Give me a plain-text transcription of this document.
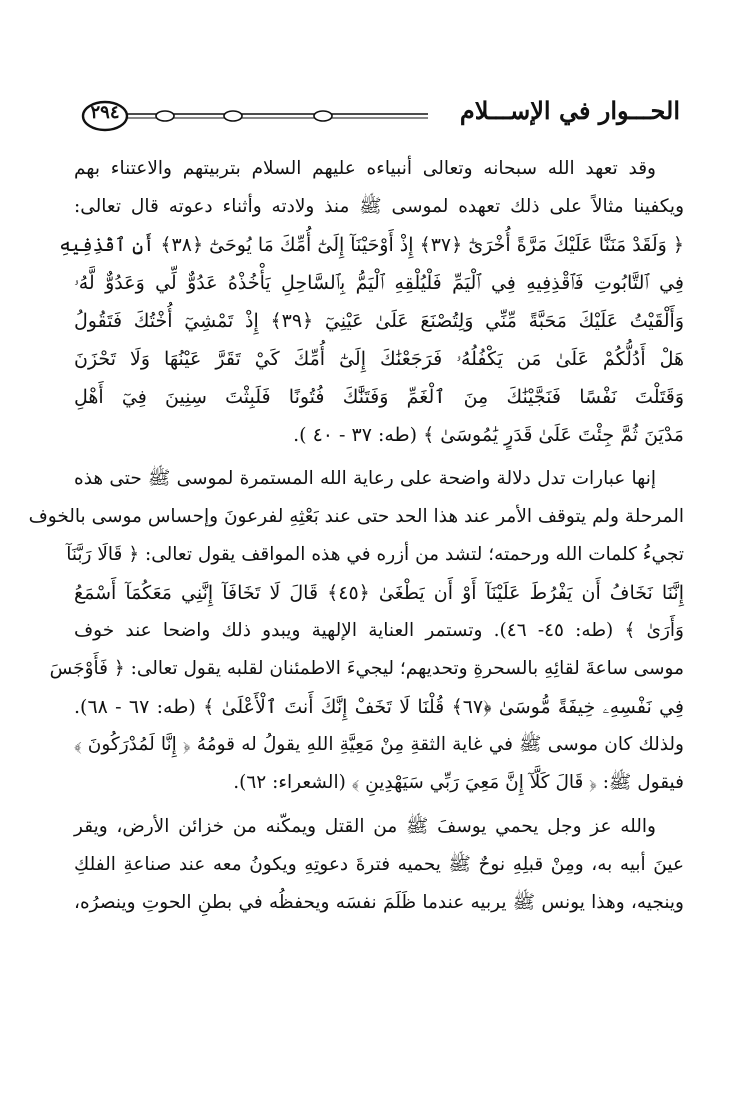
٢٩٤	الحـــوار في الإســـلام

وقد تعهد الله سبحانه وتعالى أنبياءه عليهم السلام بتربيتهم والاعتناء بهم
ويكفينا مثالاً على ذلك تعهده لموسى ﷺ منذ ولادته وأثناء دعوته قال تعالى:
﴿ وَلَقَدْ مَنَنَّا عَلَيْكَ مَرَّةً أُخْرَىٰٓ ﴿٣٧﴾ إِذْ أَوْحَيْنَآ إِلَىٰٓ أُمِّكَ مَا يُوحَىٰٓ ﴿٣٨﴾ أَنِ ٱقْذِفِيهِ
فِي ٱلتَّابُوتِ فَٱقْذِفِيهِ فِي ٱلْيَمِّ فَلْيُلْقِهِ ٱلْيَمُّ بِٱلسَّاحِلِ يَأْخُذْهُ عَدُوٌّ لِّي وَعَدُوٌّ لَّهُۥ
وَأَلْقَيْتُ عَلَيْكَ مَحَبَّةً مِّنِّي وَلِتُصْنَعَ عَلَىٰ عَيْنِيٓ ﴿٣٩﴾ إِذْ تَمْشِيٓ أُخْتُكَ فَتَقُولُ
هَلْ أَدُلُّكُمْ عَلَىٰ مَن يَكْفُلُهُۥ فَرَجَعْنَٰكَ إِلَىٰٓ أُمِّكَ كَيْ تَقَرَّ عَيْنُهَا وَلَا تَحْزَنَ
وَقَتَلْتَ نَفْسًا فَنَجَّيْنَٰكَ مِنَ ٱلْغَمِّ وَفَتَنَّٰكَ فُتُونًا فَلَبِثْتَ سِنِينَ فِيٓ أَهْلِ
مَدْيَنَ ثُمَّ جِئْتَ عَلَىٰ قَدَرٍ يَٰمُوسَىٰ ﴾ (طه: ٣٧ - ٤٠ ).

إنها عبارات تدل دلالة واضحة على رعاية الله المستمرة لموسى ﷺ حتى هذه
المرحلة ولم يتوقف الأمر عند هذا الحد حتى عند بَعْثِهِ لفرعونَ وإحساس موسى بالخوف
تجيءُ كلمات الله ورحمته؛ لتشد من أزره في هذه المواقف يقول تعالى: ﴿ قَالَا رَبَّنَآ
إِنَّنَا نَخَافُ أَن يَفْرُطَ عَلَيْنَآ أَوْ أَن يَطْغَىٰ ﴿٤٥﴾ قَالَ لَا تَخَافَآ إِنَّنِي مَعَكُمَآ أَسْمَعُ
وَأَرَىٰ ﴾ (طه: ٤٥- ٤٦). وتستمر العناية الإلهية ويبدو ذلك واضحا عند خوف
موسى ساعةَ لقائِهِ بالسحرةِ وتحديهم؛ ليجيءَ الاطمئنان لقلبه يقول تعالى: ﴿ فَأَوْجَسَ
فِي نَفْسِهِۦ خِيفَةً مُّوسَىٰ ﴿٦٧﴾ قُلْنَا لَا تَخَفْ إِنَّكَ أَنتَ ٱلْأَعْلَىٰ ﴾ (طه: ٦٧ - ٦٨).
ولذلك كان موسى ﷺ في غاية الثقةِ مِنْ مَعِيَّةِ اللهِ يقولُ له قومُهُ ﴿ إِنَّا لَمُدْرَكُونَ ﴾
فيقول ﷺ: ﴿ قَالَ كَلَّآ إِنَّ مَعِيَ رَبِّي سَيَهْدِينِ ﴾ (الشعراء: ٦٢).

والله عز وجل يحمي يوسفَ ﷺ من القتل ويمكّنه من خزائن الأرض، ويقر
عينَ أبيه به، ومِنْ قبلِهِ نوحٌ ﷺ يحميه فترةَ دعوتِهِ ويكونُ معه عند صناعةِ الفلكِ
وينجيه، وهذا يونس ﷺ يربيه عندما ظَلَمَ نفسَه ويحفظُه في بطنِ الحوتِ وينصرُه،
